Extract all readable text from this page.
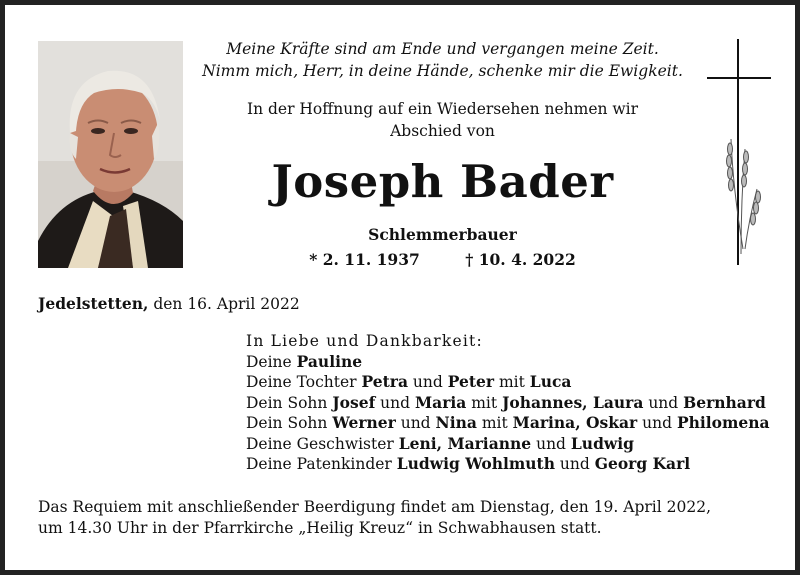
Meine Kräfte sind am Ende und vergangen meine Zeit.
Nimm mich, Herr, in deine Hände, schenke mir die Ewigkeit.
In der Hoffnung auf ein Wiedersehen nehmen wir
Abschied von
Joseph Bader
Schlemmerbauer
* 2. 11. 1937	† 10. 4. 2022
Jedelstetten, den 16. April 2022
In Liebe und Dankbarkeit:
Deine Pauline
Deine Tochter Petra und Peter mit Luca
Dein Sohn Josef und Maria mit Johannes, Laura und Bernhard
Dein Sohn Werner und Nina mit Marina, Oskar und Philomena
Deine Geschwister Leni, Marianne und Ludwig
Deine Patenkinder Ludwig Wohlmuth und Georg Karl
Das Requiem mit anschließender Beerdigung findet am Dienstag, den 19. April 2022,
um 14.30 Uhr in der Pfarrkirche „Heilig Kreuz“ in Schwabhausen statt.
